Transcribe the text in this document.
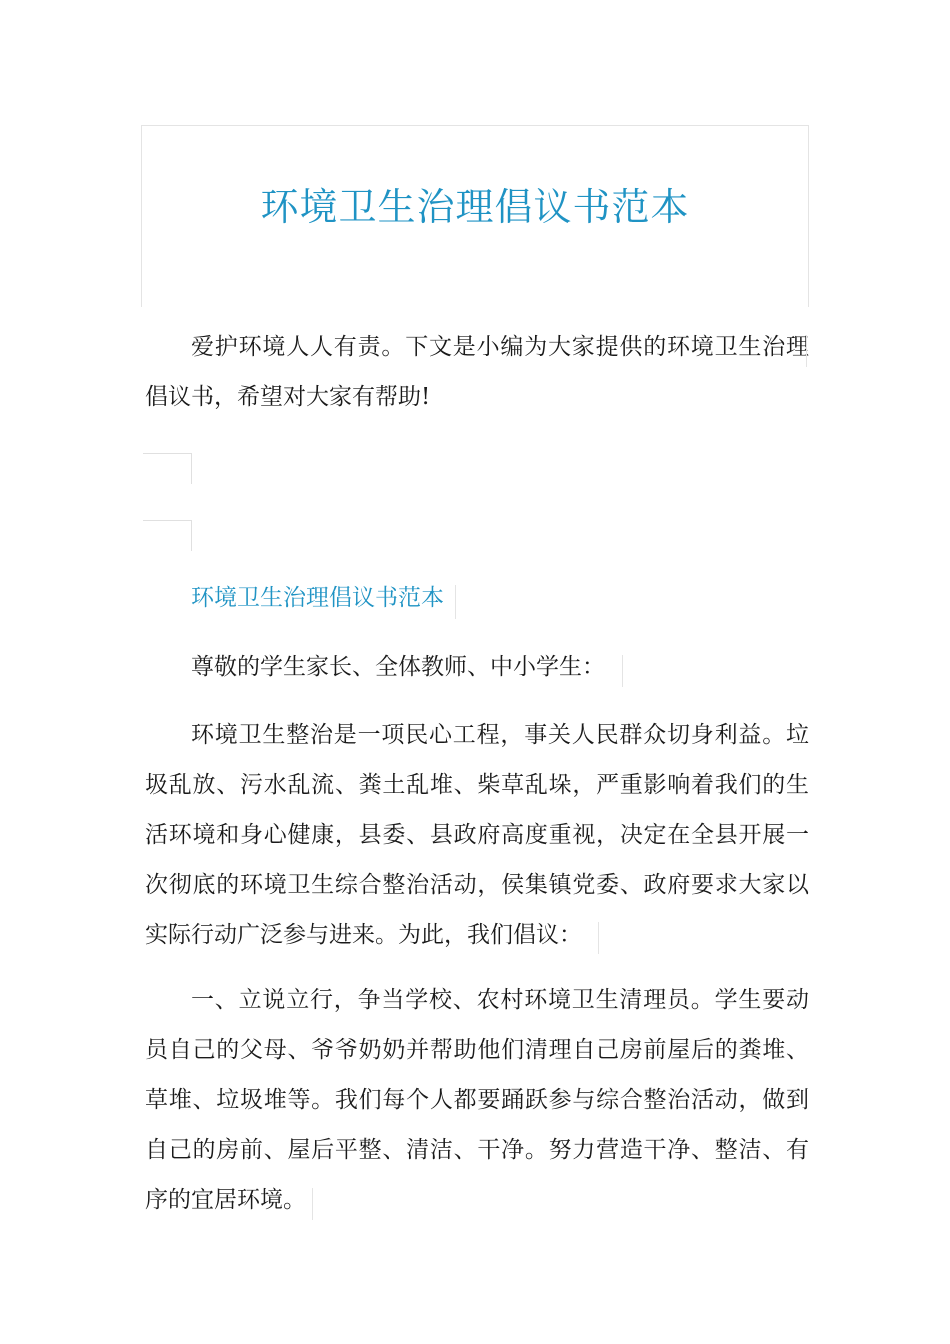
环境卫生治理倡议书范本

爱护环境人人有责。下文是小编为大家提供的环境卫生治理倡议书，希望对大家有帮助!

环境卫生治理倡议书范本

尊敬的学生家长、全体教师、中小学生：

环境卫生整治是一项民心工程，事关人民群众切身利益。垃圾乱放、污水乱流、粪土乱堆、柴草乱垛，严重影响着我们的生活环境和身心健康，县委、县政府高度重视，决定在全县开展一次彻底的环境卫生综合整治活动，侯集镇党委、政府要求大家以实际行动广泛参与进来。为此，我们倡议：

一、立说立行，争当学校、农村环境卫生清理员。学生要动员自己的父母、爷爷奶奶并帮助他们清理自己房前屋后的粪堆、草堆、垃圾堆等。我们每个人都要踊跃参与综合整治活动，做到自己的房前、屋后平整、清洁、干净。努力营造干净、整洁、有序的宜居环境。
